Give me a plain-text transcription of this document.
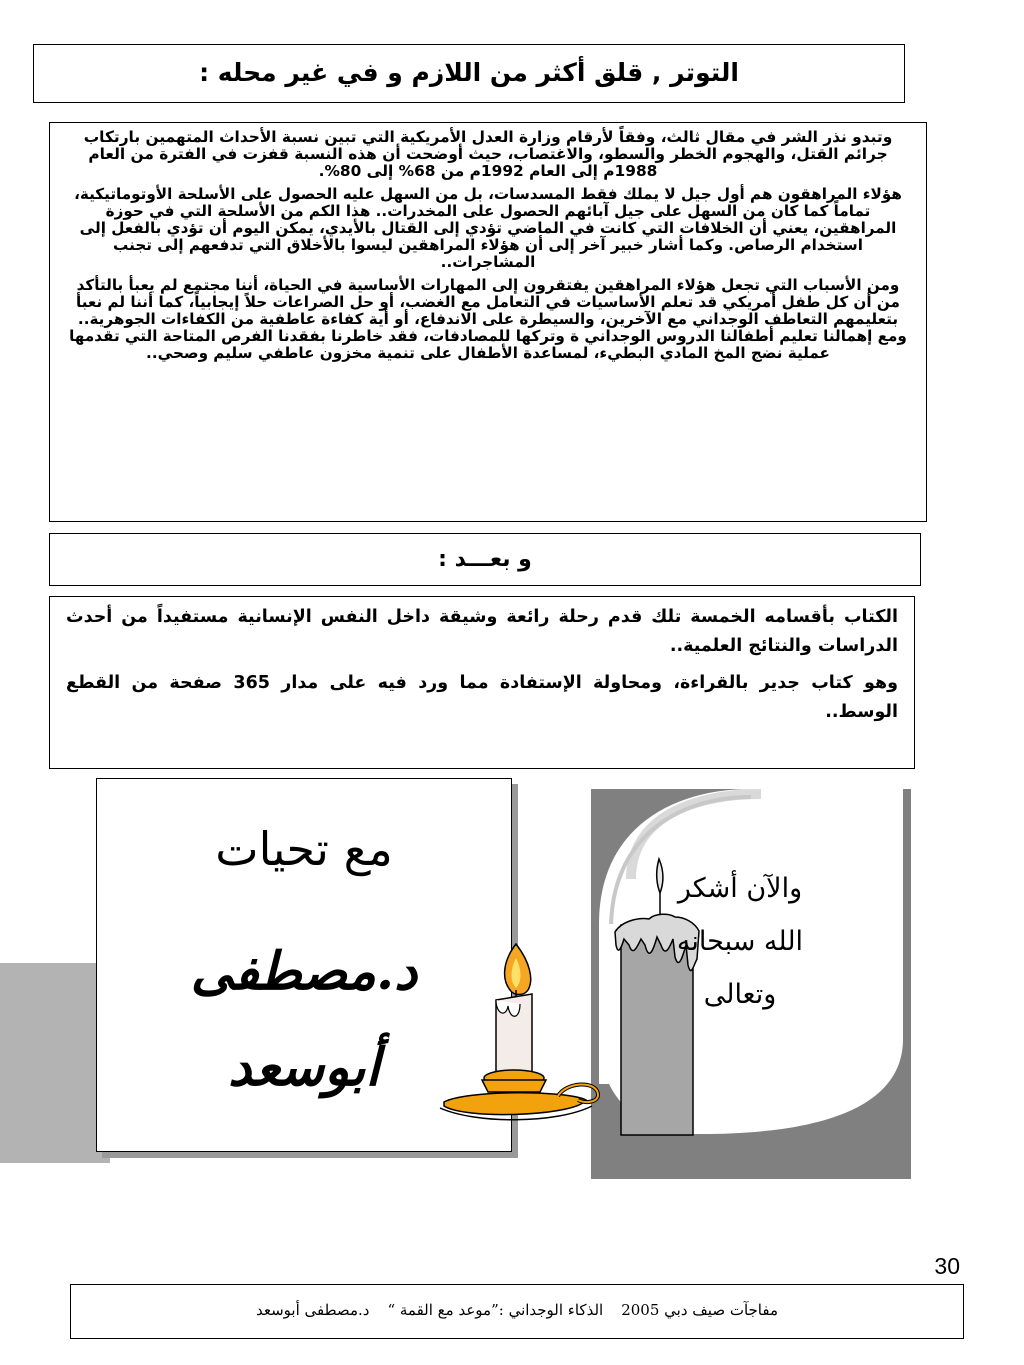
التوتر , قلق أكثر من اللازم و في غير محله :

وتبدو نذر الشر في مقال ثالث، وفقاً لأرقام وزارة العدل الأمريكية التي تبين نسبة الأحداث المتهمين بارتكاب جرائم القتل، والهجوم الخطر والسطو، والاغتصاب، حيث أوضحت أن هذه النسبة قفزت في الفترة من العام 1988م إلى العام 1992م من 68% إلى 80%.

هؤلاء المراهقون هم أول جيل لا يملك فقط المسدسات، بل من السهل عليه الحصول على الأسلحة الأوتوماتيكية، تماماً كما كان من السهل على جيل آبائهم الحصول على المخدرات.. هذا الكم من الأسلحة التي في حوزة المراهقين، يعني أن الخلافات التي كانت في الماضي تؤدي إلى القتال بالأيدي، يمكن اليوم أن تؤدي بالفعل إلى استخدام الرصاص. وكما أشار خبير آخر إلى أن هؤلاء المراهقين ليسوا بالأخلاق التي تدفعهم إلى تجنب المشاجرات..

ومن الأسباب التي تجعل هؤلاء المراهقين يفتقرون إلى المهارات الأساسية في الحياة، أننا مجتمع لم يعبأ بالتأكد من أن كل طفل أمريكي قد تعلم الأساسيات في التعامل مع الغضب، أو حل الصراعات حلاً إيجابياً، كما أننا لم نعبأ بتعليمهم التعاطف الوجداني مع الآخرين، والسيطرة على الاندفاع، أو أية كفاءة عاطفية من الكفاءات الجوهرية.. ومع إهمالنا تعليم أطفالنا الدروس الوجداني ة وتركها للمصادفات، فقد خاطرنا بفقدنا الفرص المتاحة التي تقدمها عملية نضج المخ المادي البطيء، لمساعدة الأطفال على تنمية مخزون عاطفي سليم وصحي..

و بعـــد :

الكتاب بأقسامه الخمسة تلك قدم رحلة رائعة وشيقة داخل النفس الإنسانية مستفيداً من أحدث الدراسات والنتائج العلمية..

وهو كتاب جدير بالقراءة، ومحاولة الإستفادة مما ورد فيه على مدار 365 صفحة من القطع الوسط..

مع تحيات
د.مصطفى
أبوسعد
والآن أشكر
الله سبحانه
وتعالى
30
مفاجآت صيف دبي 2005الذكاء الوجداني :”موعد مع القمة “د.مصطفى أبوسعد
